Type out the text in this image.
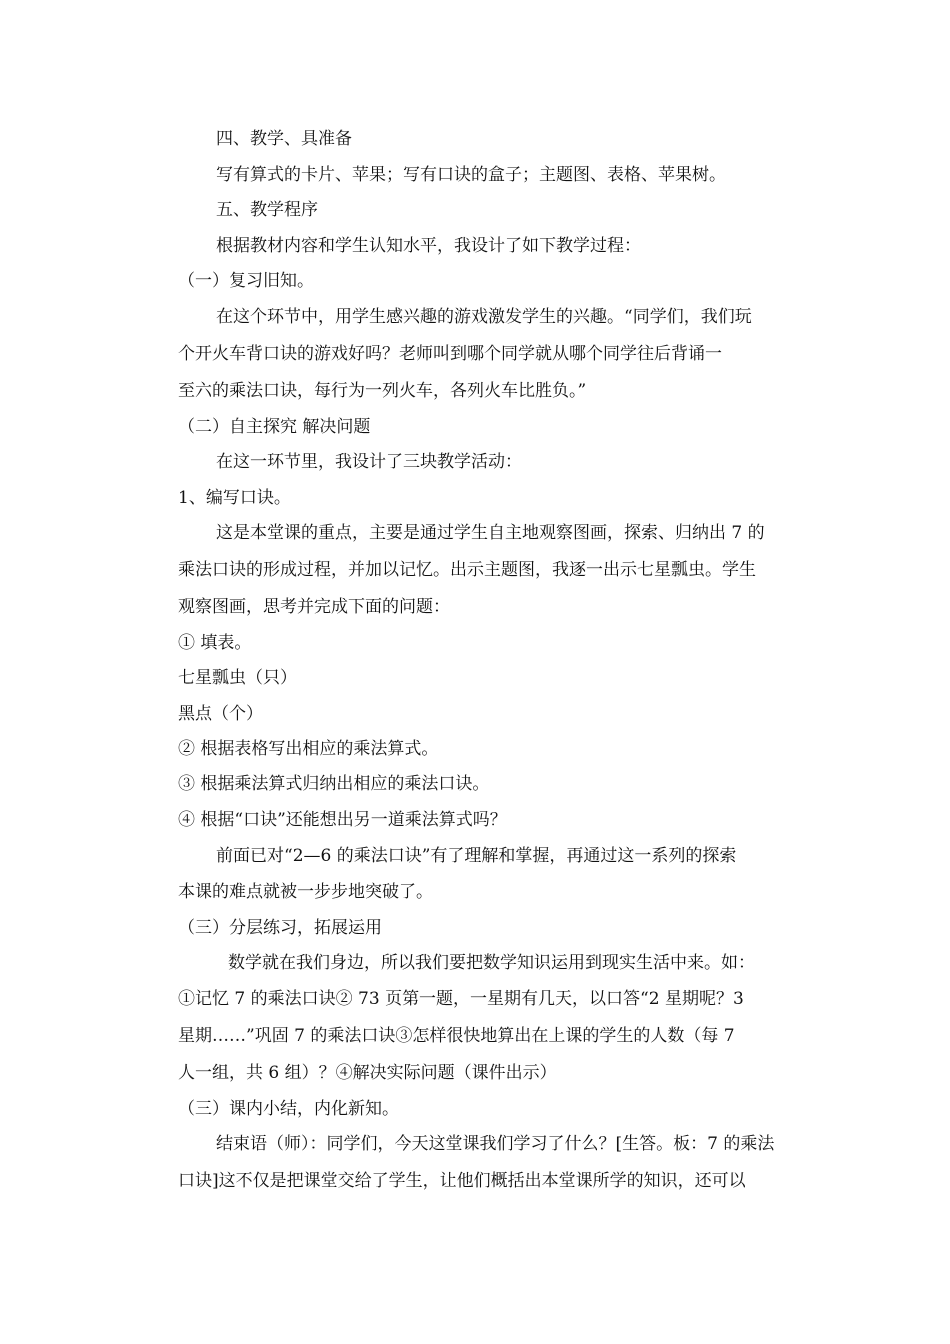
四、教学、具准备
写有算式的卡片、苹果；写有口诀的盒子；主题图、表格、苹果树。
五、教学程序
根据教材内容和学生认知水平，我设计了如下教学过程：
（一）复习旧知。
在这个环节中，用学生感兴趣的游戏激发学生的兴趣。“同学们，我们玩
个开火车背口诀的游戏好吗？老师叫到哪个同学就从哪个同学往后背诵一
至六的乘法口诀，每行为一列火车，各列火车比胜负。”
（二）自主探究 解决问题
在这一环节里，我设计了三块教学活动：
1、编写口诀。
这是本堂课的重点，主要是通过学生自主地观察图画，探索、归纳出 7 的
乘法口诀的形成过程，并加以记忆。出示主题图，我逐一出示七星瓢虫。学生
观察图画，思考并完成下面的问题：
① 填表。
七星瓢虫（只）
黑点（个）
② 根据表格写出相应的乘法算式。
③ 根据乘法算式归纳出相应的乘法口诀。
④ 根据“口诀”还能想出另一道乘法算式吗？
前面已对“2—6 的乘法口诀”有了理解和掌握，再通过这一系列的探索
本课的难点就被一步步地突破了。
（三）分层练习，拓展运用
数学就在我们身边，所以我们要把数学知识运用到现实生活中来。如：
①记忆 7 的乘法口诀② 73 页第一题，一星期有几天，以口答“2 星期呢？3
星期……”巩固 7 的乘法口诀③怎样很快地算出在上课的学生的人数（每 7
人一组，共 6 组）？④解决实际问题（课件出示）
（三）课内小结，内化新知。
结束语（师）：同学们，今天这堂课我们学习了什么？[生答。板：7 的乘法
口诀]这不仅是把课堂交给了学生，让他们概括出本堂课所学的知识，还可以
